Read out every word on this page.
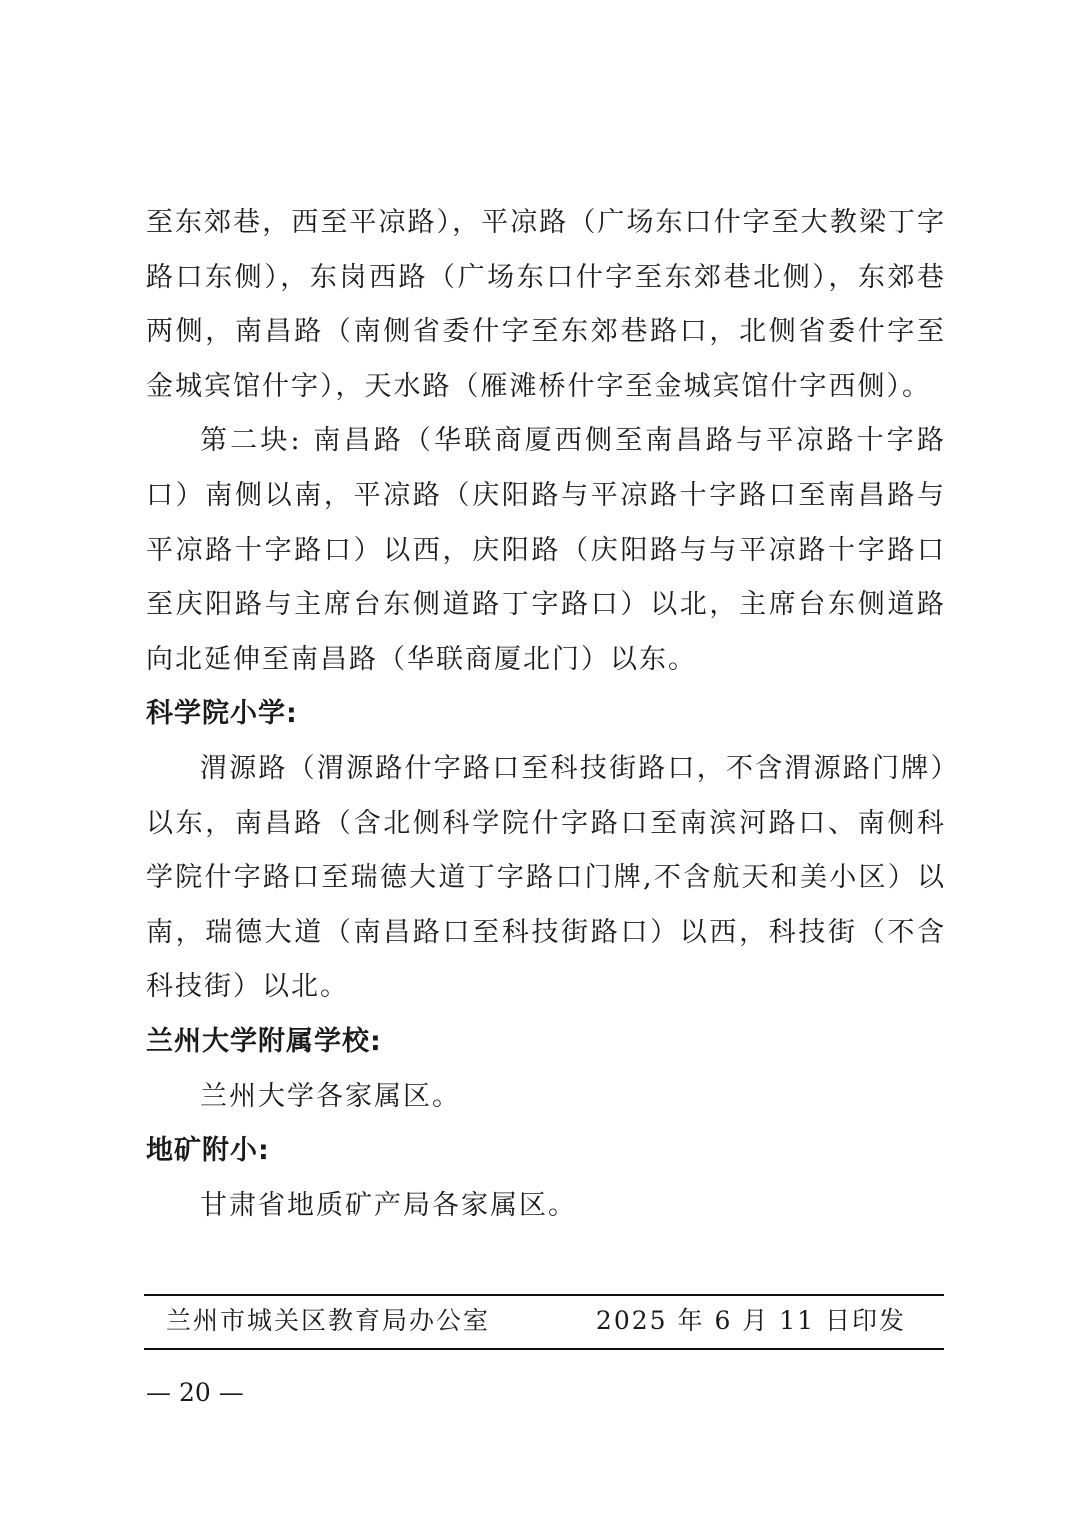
至东郊巷，西至平凉路），平凉路（广场东口什字至大教梁丁字路口东侧），东岗西路（广场东口什字至东郊巷北侧），东郊巷两侧，南昌路（南侧省委什字至东郊巷路口，北侧省委什字至金城宾馆什字），天水路（雁滩桥什字至金城宾馆什字西侧）。

第二块: 南昌路（华联商厦西侧至南昌路与平凉路十字路口）南侧以南，平凉路（庆阳路与平凉路十字路口至南昌路与平凉路十字路口）以西，庆阳路（庆阳路与与平凉路十字路口至庆阳路与主席台东侧道路丁字路口）以北，主席台东侧道路向北延伸至南昌路（华联商厦北门）以东。

科学院小学:

渭源路（渭源路什字路口至科技街路口，不含渭源路门牌）以东，南昌路（含北侧科学院什字路口至南滨河路口、南侧科学院什字路口至瑞德大道丁字路口门牌,不含航天和美小区）以南，瑞德大道（南昌路口至科技街路口）以西，科技街（不含科技街）以北。

兰州大学附属学校:

兰州大学各家属区。

地矿附小:

甘肃省地质矿产局各家属区。

兰州市城关区教育局办公室	2025 年 6 月 11 日印发
— 20 —
